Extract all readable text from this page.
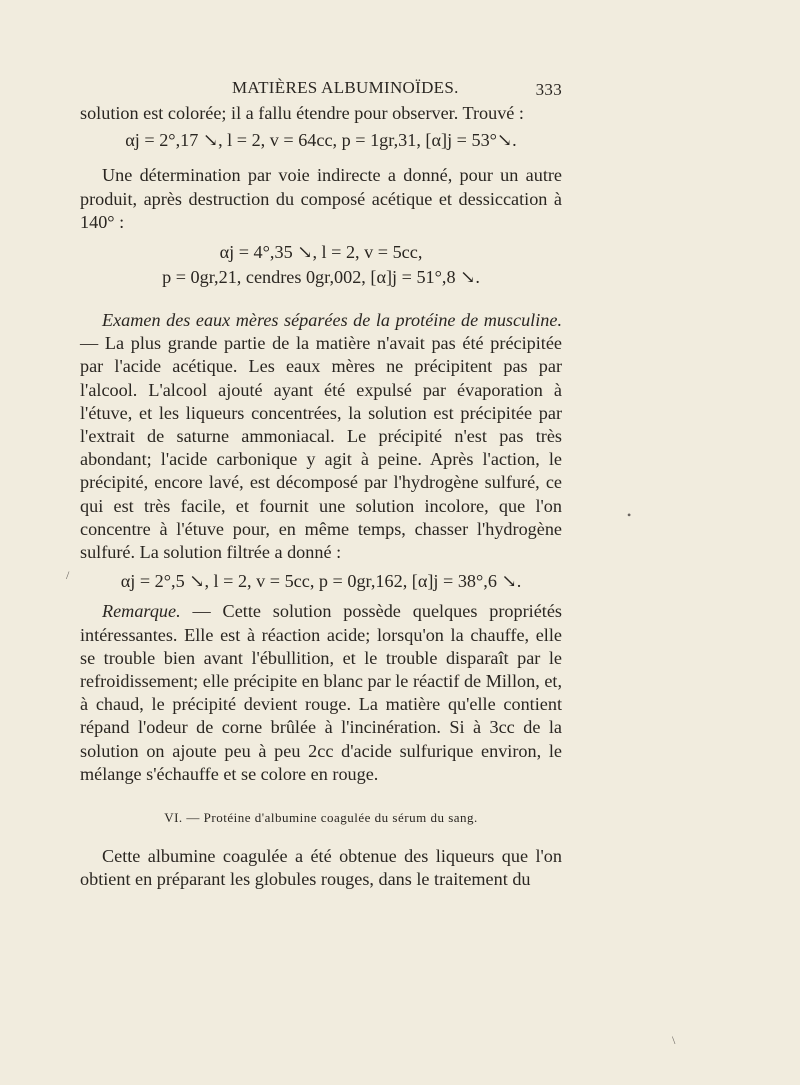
MATIÈRES ALBUMINOÏDES.	333

solution est colorée; il a fallu étendre pour observer. Trouvé :

αj = 2°,17 ↘, l = 2, v = 64cc, p = 1gr,31, [α]j = 53°↘.

Une détermination par voie indirecte a donné, pour un autre produit, après destruction du composé acétique et dessiccation à 140° :

αj = 4°,35 ↘, l = 2, v = 5cc,
p = 0gr,21, cendres 0gr,002, [α]j = 51°,8 ↘.

Examen des eaux mères séparées de la protéine de musculine. — La plus grande partie de la matière n'avait pas été précipitée par l'acide acétique. Les eaux mères ne précipitent pas par l'alcool. L'alcool ajouté ayant été expulsé par évaporation à l'étuve, et les liqueurs concentrées, la solution est précipitée par l'extrait de saturne ammoniacal. Le précipité n'est pas très abondant; l'acide carbonique y agit à peine. Après l'action, le précipité, encore lavé, est décomposé par l'hydrogène sulfuré, ce qui est très facile, et fournit une solution incolore, que l'on concentre à l'étuve pour, en même temps, chasser l'hydrogène sulfuré. La solution filtrée a donné :

αj = 2°,5 ↘, l = 2, v = 5cc, p = 0gr,162, [α]j = 38°,6 ↘.

Remarque. — Cette solution possède quelques propriétés intéressantes. Elle est à réaction acide; lorsqu'on la chauffe, elle se trouble bien avant l'ébullition, et le trouble disparaît par le refroidissement; elle précipite en blanc par le réactif de Millon, et, à chaud, le précipité devient rouge. La matière qu'elle contient répand l'odeur de corne brûlée à l'incinération. Si à 3cc de la solution on ajoute peu à peu 2cc d'acide sulfurique environ, le mélange s'échauffe et se colore en rouge.

VI. — Protéine d'albumine coagulée du sérum du sang.

Cette albumine coagulée a été obtenue des liqueurs que l'on obtient en préparant les globules rouges, dans le traitement du

•
/
\
